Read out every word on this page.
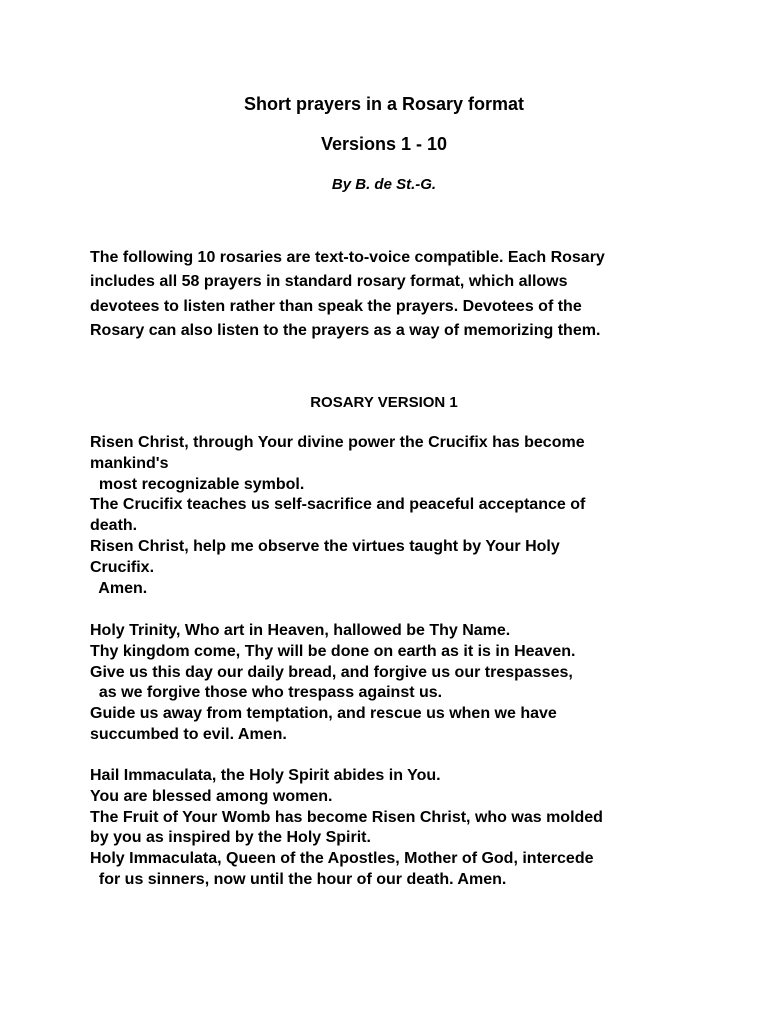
Short prayers in a Rosary format
Versions 1 - 10
By B. de St.-G.

The following 10 rosaries are text-to-voice compatible. Each Rosary
includes all 58 prayers in standard rosary format, which allows
devotees to listen rather than speak the prayers. Devotees of the
Rosary can also listen to the prayers as a way of memorizing them.

ROSARY VERSION 1

Risen Christ, through Your divine power the Crucifix has become
mankind's
most recognizable symbol.
The Crucifix teaches us self-sacrifice and peaceful acceptance of
death.
Risen Christ, help me observe the virtues taught by Your Holy
Crucifix.
Amen.

Holy Trinity, Who art in Heaven, hallowed be Thy Name.
Thy kingdom come, Thy will be done on earth as it is in Heaven.
Give us this day our daily bread, and forgive us our trespasses,
as we forgive those who trespass against us.
Guide us away from temptation, and rescue us when we have
succumbed to evil. Amen.

Hail Immaculata, the Holy Spirit abides in You.
You are blessed among women.
The Fruit of Your Womb has become Risen Christ, who was molded
by you as inspired by the Holy Spirit.
Holy Immaculata, Queen of the Apostles, Mother of God, intercede
for us sinners, now until the hour of our death. Amen.
